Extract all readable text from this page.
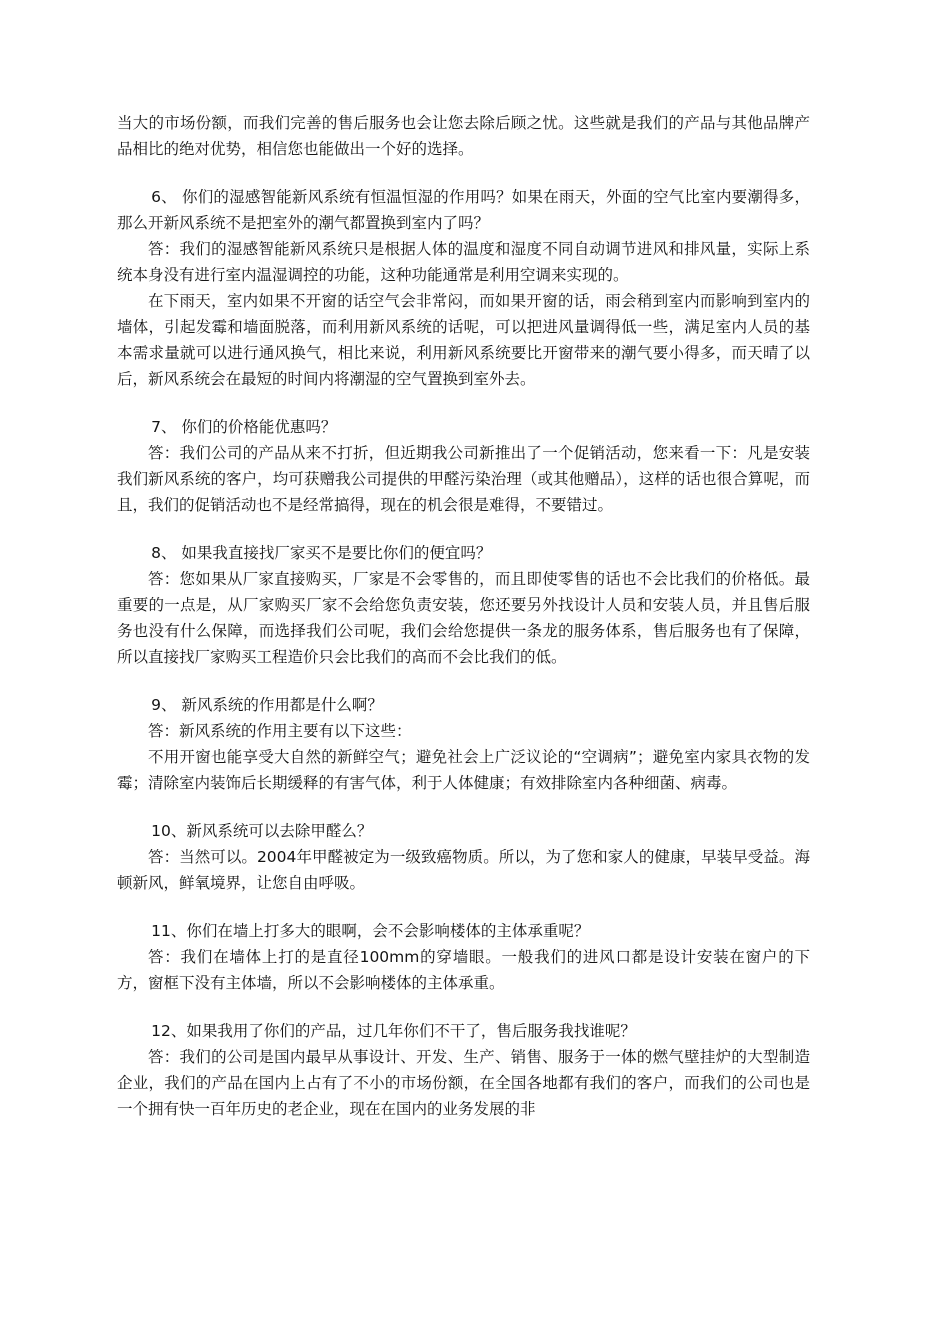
当大的市场份额，而我们完善的售后服务也会让您去除后顾之忧。这些就是我们的产品与其他品牌产品相比的绝对优势，相信您也能做出一个好的选择。

6、 你们的湿感智能新风系统有恒温恒湿的作用吗？如果在雨天，外面的空气比室内要潮得多，那么开新风系统不是把室外的潮气都置换到室内了吗？

答：我们的湿感智能新风系统只是根据人体的温度和湿度不同自动调节进风和排风量，实际上系统本身没有进行室内温湿调控的功能，这种功能通常是利用空调来实现的。

在下雨天，室内如果不开窗的话空气会非常闷，而如果开窗的话，雨会稍到室内而影响到室内的墙体，引起发霉和墙面脱落，而利用新风系统的话呢，可以把进风量调得低一些，满足室内人员的基本需求量就可以进行通风换气，相比来说，利用新风系统要比开窗带来的潮气要小得多，而天晴了以后，新风系统会在最短的时间内将潮湿的空气置换到室外去。

7、 你们的价格能优惠吗？

答：我们公司的产品从来不打折，但近期我公司新推出了一个促销活动，您来看一下：凡是安装我们新风系统的客户，均可获赠我公司提供的甲醛污染治理（或其他赠品），这样的话也很合算呢，而且，我们的促销活动也不是经常搞得，现在的机会很是难得，不要错过。

8、 如果我直接找厂家买不是要比你们的便宜吗？

答：您如果从厂家直接购买，厂家是不会零售的，而且即使零售的话也不会比我们的价格低。最重要的一点是，从厂家购买厂家不会给您负责安装，您还要另外找设计人员和安装人员，并且售后服务也没有什么保障，而选择我们公司呢，我们会给您提供一条龙的服务体系，售后服务也有了保障，所以直接找厂家购买工程造价只会比我们的高而不会比我们的低。

9、 新风系统的作用都是什么啊？

答：新风系统的作用主要有以下这些：

不用开窗也能享受大自然的新鲜空气；避免社会上广泛议论的“空调病”；避免室内家具衣物的发霉；清除室内装饰后长期缓释的有害气体，利于人体健康；有效排除室内各种细菌、病毒。

10、新风系统可以去除甲醛么？

答：当然可以。2004年甲醛被定为一级致癌物质。所以，为了您和家人的健康，早装早受益。海顿新风，鲜氧境界，让您自由呼吸。

11、你们在墙上打多大的眼啊，会不会影响楼体的主体承重呢？

答：我们在墙体上打的是直径100mm的穿墙眼。一般我们的进风口都是设计安装在窗户的下方，窗框下没有主体墙，所以不会影响楼体的主体承重。

12、如果我用了你们的产品，过几年你们不干了，售后服务我找谁呢？

答：我们的公司是国内最早从事设计、开发、生产、销售、服务于一体的燃气壁挂炉的大型制造企业，我们的产品在国内上占有了不小的市场份额，在全国各地都有我们的客户，而我们的公司也是一个拥有快一百年历史的老企业，现在在国内的业务发展的非
